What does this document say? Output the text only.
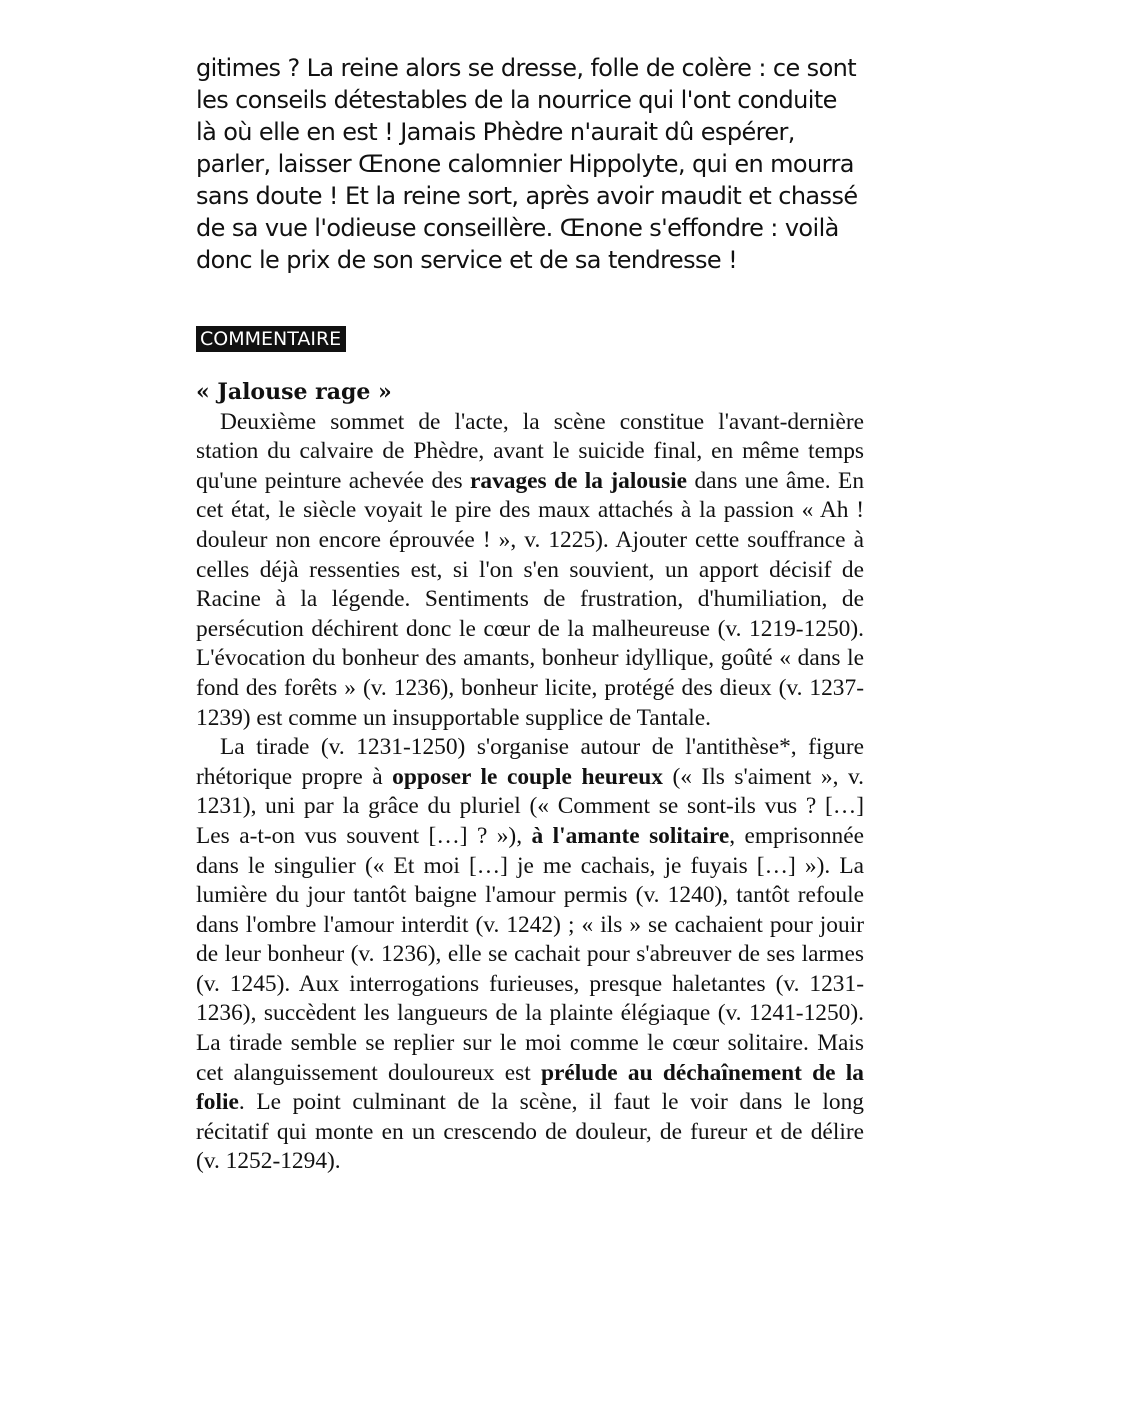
gitimes ? La reine alors se dresse, folle de colère : ce sont les conseils détestables de la nourrice qui l'ont conduite là où elle en est ! Jamais Phèdre n'aurait dû espérer, parler, laisser Œnone calomnier Hippolyte, qui en mourra sans doute ! Et la reine sort, après avoir maudit et chassé de sa vue l'odieuse conseillère. Œnone s'effondre : voilà donc le prix de son service et de sa tendresse !

COMMENTAIRE

« Jalouse rage »

Deuxième sommet de l'acte, la scène constitue l'avant-dernière station du calvaire de Phèdre, avant le suicide final, en même temps qu'une peinture achevée des ravages de la jalousie dans une âme. En cet état, le siècle voyait le pire des maux attachés à la passion « Ah ! douleur non encore éprouvée ! », v. 1225). Ajouter cette souffrance à celles déjà ressenties est, si l'on s'en souvient, un apport décisif de Racine à la légende. Sentiments de frustration, d'humiliation, de persécution déchirent donc le cœur de la malheureuse (v. 1219-1250). L'évocation du bonheur des amants, bonheur idyllique, goûté « dans le fond des forêts » (v. 1236), bonheur licite, protégé des dieux (v. 1237-1239) est comme un insupportable supplice de Tantale.

La tirade (v. 1231-1250) s'organise autour de l'antithèse*, figure rhétorique propre à opposer le couple heureux (« Ils s'aiment », v. 1231), uni par la grâce du pluriel (« Comment se sont-ils vus ? […] Les a-t-on vus souvent […] ? »), à l'amante solitaire, emprisonnée dans le singulier (« Et moi […] je me cachais, je fuyais […] »). La lumière du jour tantôt baigne l'amour permis (v. 1240), tantôt refoule dans l'ombre l'amour interdit (v. 1242) ; « ils » se cachaient pour jouir de leur bonheur (v. 1236), elle se cachait pour s'abreuver de ses larmes (v. 1245). Aux interrogations furieuses, presque haletantes (v. 1231-1236), succèdent les langueurs de la plainte élégiaque (v. 1241-1250). La tirade semble se replier sur le moi comme le cœur solitaire. Mais cet alanguissement douloureux est prélude au déchaînement de la folie. Le point culminant de la scène, il faut le voir dans le long récitatif qui monte en un crescendo de douleur, de fureur et de délire (v. 1252-1294).
